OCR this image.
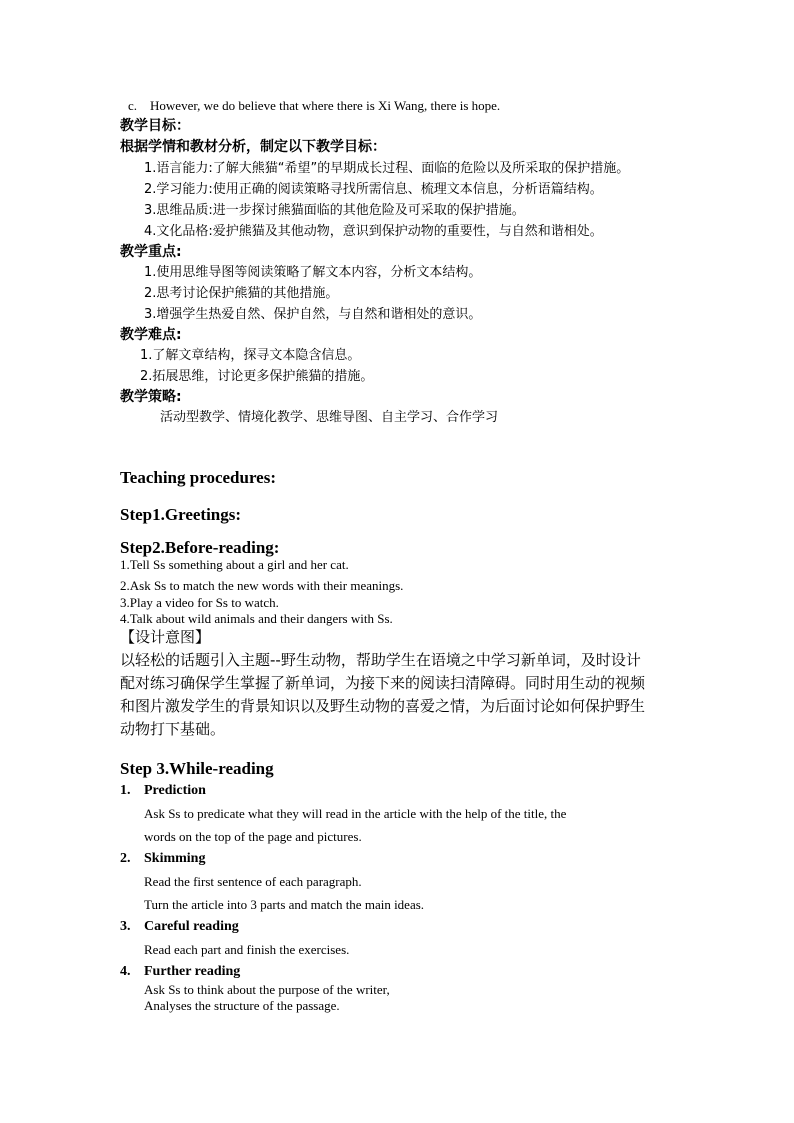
c. However, we do believe that where there is Xi Wang, there is hope.
教学目标：
根据学情和教材分析，制定以下教学目标：
1.语言能力:了解大熊猫“希望”的早期成长过程、面临的危险以及所采取的保护措施。
2.学习能力:使用正确的阅读策略寻找所需信息、梳理文本信息，分析语篇结构。
3.思维品质:进一步探讨熊猫面临的其他危险及可采取的保护措施。
4.文化品格:爱护熊猫及其他动物，意识到保护动物的重要性，与自然和谐相处。
教学重点:
1.使用思维导图等阅读策略了解文本内容，分析文本结构。
2.思考讨论保护熊猫的其他措施。
3.增强学生热爱自然、保护自然，与自然和谐相处的意识。
教学难点:
1.了解文章结构，探寻文本隐含信息。
2.拓展思维，讨论更多保护熊猫的措施。
教学策略:
活动型教学、情境化教学、思维导图、自主学习、合作学习
Teaching procedures:
Step1.Greetings:
Step2.Before-reading:
1.Tell Ss something about a girl and her cat.
2.Ask Ss to match the new words with their meanings.
3.Play a video for Ss to watch.
4.Talk about wild animals and their dangers with Ss.
【设计意图】
以轻松的话题引入主题--野生动物，帮助学生在语境之中学习新单词，及时设计
配对练习确保学生掌握了新单词，为接下来的阅读扫清障碍。同时用生动的视频
和图片激发学生的背景知识以及野生动物的喜爱之情，为后面讨论如何保护野生
动物打下基础。
Step 3.While-reading
1. Prediction
Ask Ss to predicate what they will read in the article with the help of the title, the
words on the top of the page and pictures.
2. Skimming
Read the first sentence of each paragraph.
Turn the article into 3 parts and match the main ideas.
3. Careful reading
Read each part and finish the exercises.
4. Further reading
Ask Ss to think about the purpose of the writer,
Analyses the structure of the passage.
